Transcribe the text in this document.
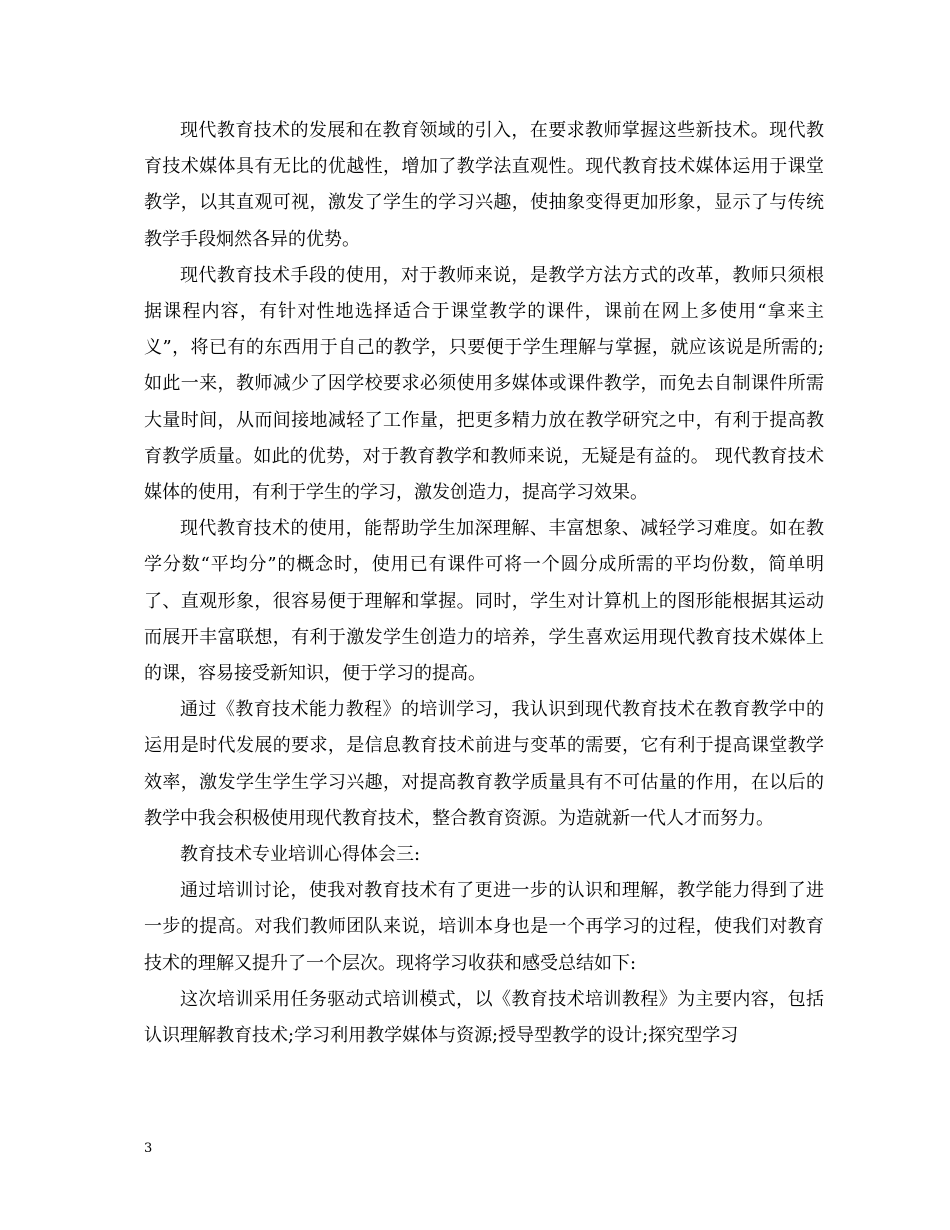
现代教育技术的发展和在教育领域的引入，在要求教师掌握这些新技术。现代教育技术媒体具有无比的优越性，增加了教学法直观性。现代教育技术媒体运用于课堂教学，以其直观可视，激发了学生的学习兴趣，使抽象变得更加形象，显示了与传统教学手段炯然各异的优势。

现代教育技术手段的使用，对于教师来说，是教学方法方式的改革，教师只须根据课程内容，有针对性地选择适合于课堂教学的课件，课前在网上多使用“拿来主义”，将已有的东西用于自己的教学，只要便于学生理解与掌握，就应该说是所需的;如此一来，教师减少了因学校要求必须使用多媒体或课件教学，而免去自制课件所需大量时间，从而间接地减轻了工作量，把更多精力放在教学研究之中，有利于提高教育教学质量。如此的优势，对于教育教学和教师来说，无疑是有益的。 现代教育技术媒体的使用，有利于学生的学习，激发创造力，提高学习效果。

现代教育技术的使用，能帮助学生加深理解、丰富想象、减轻学习难度。如在教学分数“平均分”的概念时，使用已有课件可将一个圆分成所需的平均份数，简单明了、直观形象，很容易便于理解和掌握。同时，学生对计算机上的图形能根据其运动而展开丰富联想，有利于激发学生创造力的培养，学生喜欢运用现代教育技术媒体上的课，容易接受新知识，便于学习的提高。

通过《教育技术能力教程》的培训学习，我认识到现代教育技术在教育教学中的运用是时代发展的要求，是信息教育技术前进与变革的需要，它有利于提高课堂教学效率，激发学生学生学习兴趣，对提高教育教学质量具有不可估量的作用，在以后的教学中我会积极使用现代教育技术，整合教育资源。为造就新一代人才而努力。

教育技术专业培训心得体会三:

通过培训讨论，使我对教育技术有了更进一步的认识和理解，教学能力得到了进一步的提高。对我们教师团队来说，培训本身也是一个再学习的过程，使我们对教育技术的理解又提升了一个层次。现将学习收获和感受总结如下:

这次培训采用任务驱动式培训模式，以《教育技术培训教程》为主要内容，包括认识理解教育技术;学习利用教学媒体与资源;授导型教学的设计;探究型学习

3
